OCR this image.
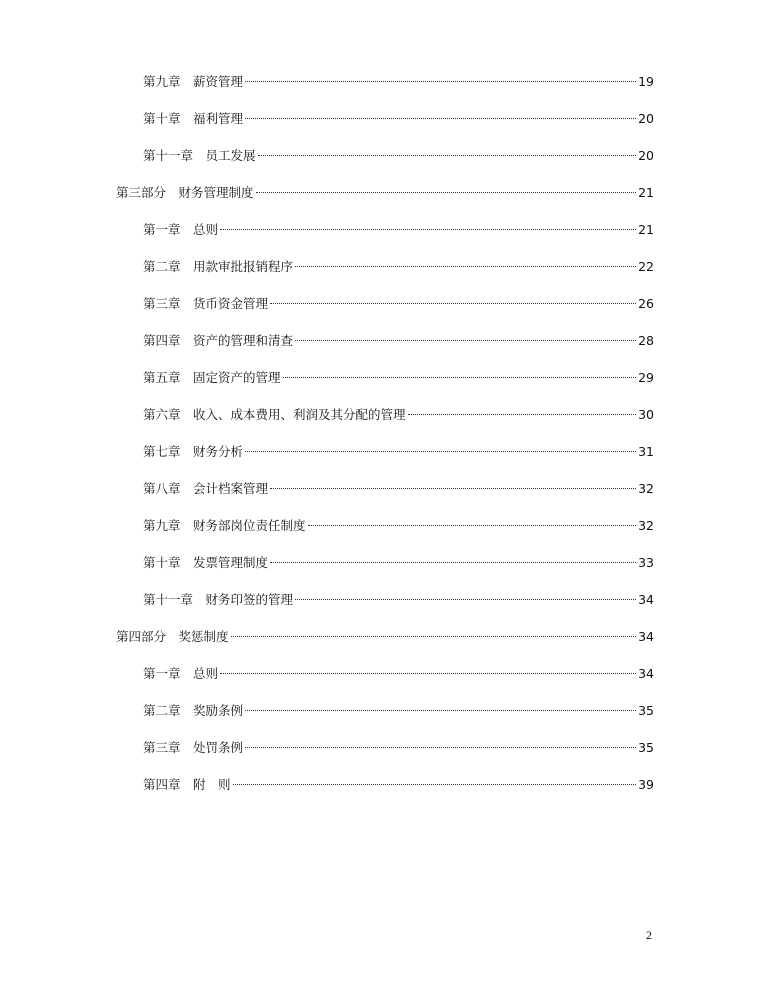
第九章　薪资管理	19
第十章　福利管理	20
第十一章　员工发展	20
第三部分　财务管理制度	21
第一章　总则	21
第二章　用款审批报销程序	22
第三章　货币资金管理	26
第四章　资产的管理和清查	28
第五章　固定资产的管理	29
第六章　收入、成本费用、利润及其分配的管理	30
第七章　财务分析	31
第八章　会计档案管理	32
第九章　财务部岗位责任制度	32
第十章　发票管理制度	33
第十一章　财务印签的管理	34
第四部分　奖惩制度	34
第一章　总则	34
第二章　奖励条例	35
第三章　处罚条例	35
第四章　附　则	39
2
